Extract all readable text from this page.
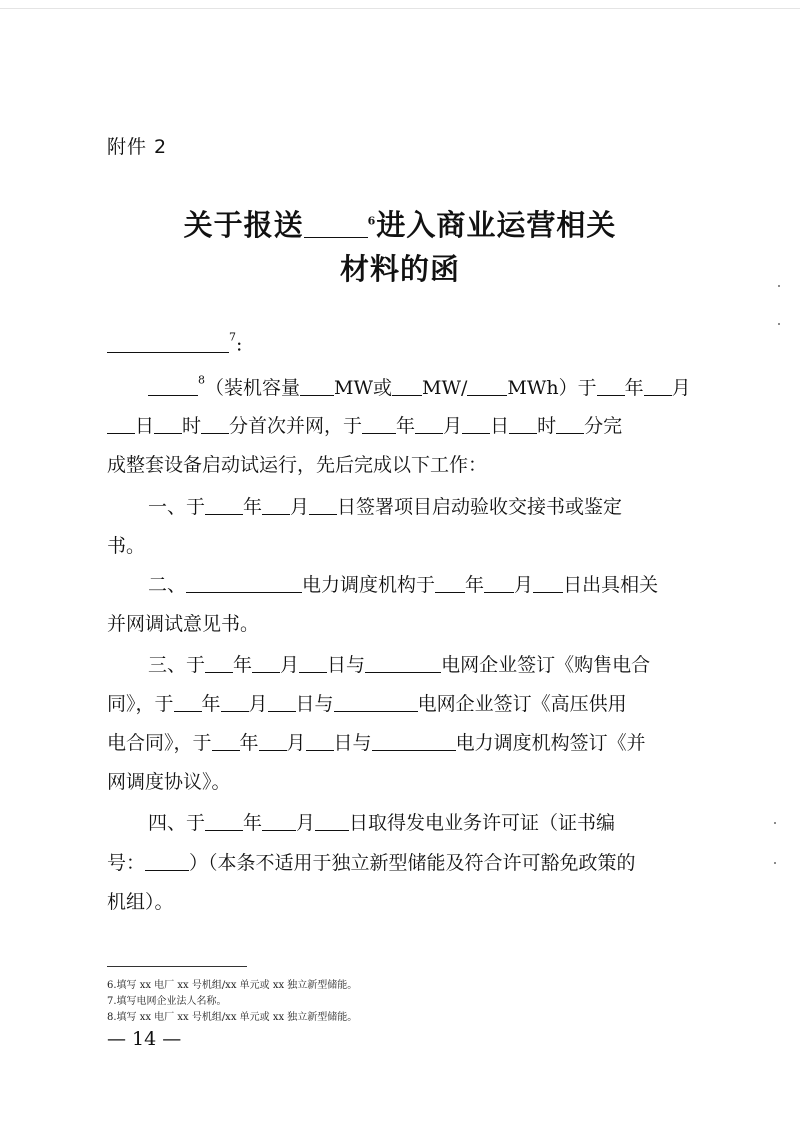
附件 2
关于报送	$^6$进入商业运营相关
材料的函
$^7$:
$^8$（装机容量 MW或 MW/ MWh）于 年 月
日 时 分首次并网，于 年 月 日 时 分完
成整套设备启动试运行，先后完成以下工作：
一、于 年 月 日签署项目启动验收交接书或鉴定
书。
二、	电力调度机构于 年 月 日出具相关
并网调试意见书。
三、于 年 月 日与	电网企业签订《购售电合
同》，于 年 月 日与	电网企业签订《高压供用
电合同》，于 年 月 日与	电力调度机构签订《并
网调度协议》。
四、于 年 月 日取得发电业务许可证（证书编
号： ）（本条不适用于独立新型储能及符合许可豁免政策的
机组）。
6.填写 xx 电厂 xx 号机组/xx 单元或 xx 独立新型储能。
7.填写电网企业法人名称。
8.填写 xx 电厂 xx 号机组/xx 单元或 xx 独立新型储能。
— 14 —
